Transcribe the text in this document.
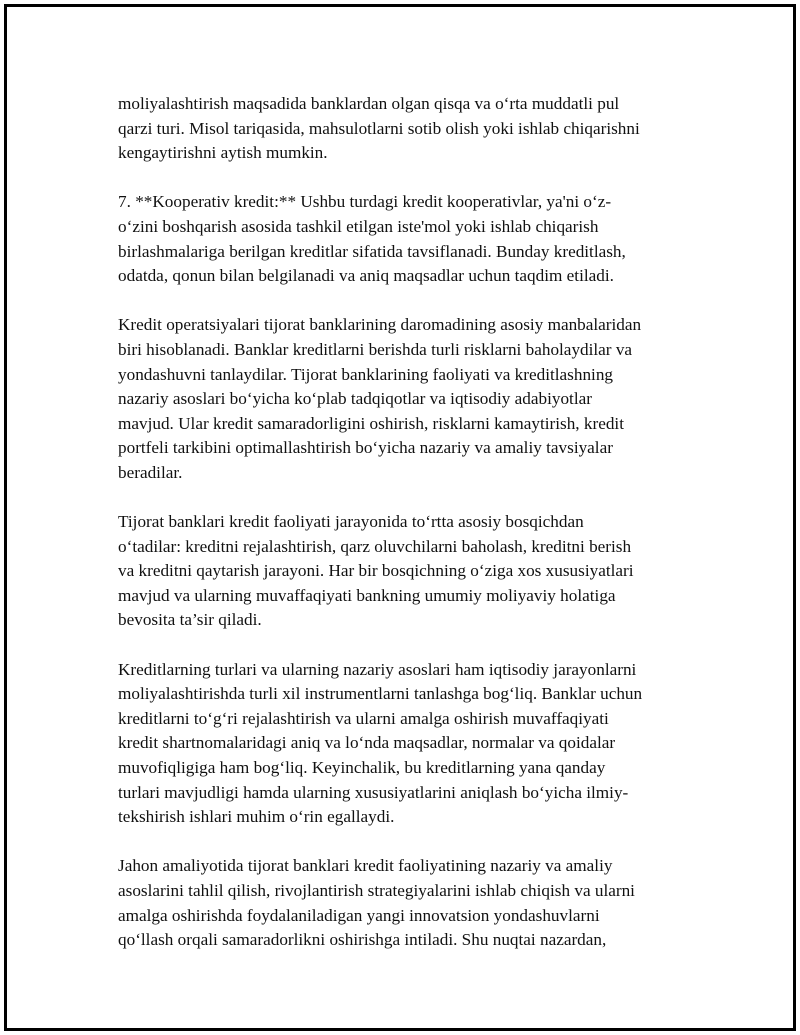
moliyalashtirish maqsadida banklardan olgan qisqa va o‘rta muddatli pul
qarzi turi. Misol tariqasida, mahsulotlarni sotib olish yoki ishlab chiqarishni
kengaytirishni aytish mumkin.

7. **Kooperativ kredit:** Ushbu turdagi kredit kooperativlar, ya'ni o‘z-
o‘zini boshqarish asosida tashkil etilgan iste'mol yoki ishlab chiqarish
birlashmalariga berilgan kreditlar sifatida tavsiflanadi. Bunday kreditlash,
odatda, qonun bilan belgilanadi va aniq maqsadlar uchun taqdim etiladi.

Kredit operatsiyalari tijorat banklarining daromadining asosiy manbalaridan
biri hisoblanadi. Banklar kreditlarni berishda turli risklarni baholaydilar va
yondashuvni tanlaydilar. Tijorat banklarining faoliyati va kreditlashning
nazariy asoslari bo‘yicha ko‘plab tadqiqotlar va iqtisodiy adabiyotlar
mavjud. Ular kredit samaradorligini oshirish, risklarni kamaytirish, kredit
portfeli tarkibini optimallashtirish bo‘yicha nazariy va amaliy tavsiyalar
beradilar.

Tijorat banklari kredit faoliyati jarayonida to‘rtta asosiy bosqichdan
o‘tadilar: kreditni rejalashtirish, qarz oluvchilarni baholash, kreditni berish
va kreditni qaytarish jarayoni. Har bir bosqichning o‘ziga xos xususiyatlari
mavjud va ularning muvaffaqiyati bankning umumiy moliyaviy holatiga
bevosita ta’sir qiladi.

Kreditlarning turlari va ularning nazariy asoslari ham iqtisodiy jarayonlarni
moliyalashtirishda turli xil instrumentlarni tanlashga bog‘liq. Banklar uchun
kreditlarni to‘g‘ri rejalashtirish va ularni amalga oshirish muvaffaqiyati
kredit shartnomalaridagi aniq va lo‘nda maqsadlar, normalar va qoidalar
muvofiqligiga ham bog‘liq. Keyinchalik, bu kreditlarning yana qanday
turlari mavjudligi hamda ularning xususiyatlarini aniqlash bo‘yicha ilmiy-
tekshirish ishlari muhim o‘rin egallaydi.

Jahon amaliyotida tijorat banklari kredit faoliyatining nazariy va amaliy
asoslarini tahlil qilish, rivojlantirish strategiyalarini ishlab chiqish va ularni
amalga oshirishda foydalaniladigan yangi innovatsion yondashuvlarni
qo‘llash orqali samaradorlikni oshirishga intiladi. Shu nuqtai nazardan,
